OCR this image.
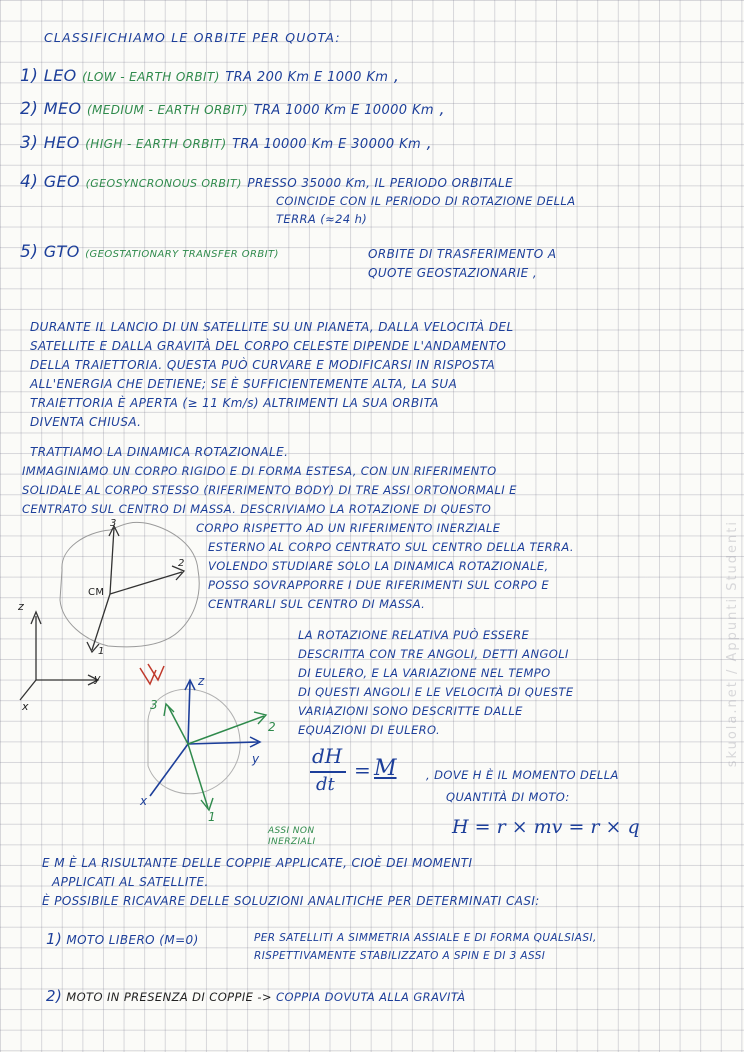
CLASSIFICHIAMO LE ORBITE PER QUOTA:
1) LEO (LOW - EARTH ORBIT) TRA 200 Km E 1000 Km ,
2) MEO (MEDIUM - EARTH ORBIT) TRA 1000 Km E 10000 Km ,
3) HEO (HIGH - EARTH ORBIT) TRA 10000 Km E 30000 Km ,
4) GEO (GEOSYNCRONOUS ORBIT) PRESSO 35000 Km, IL PERIODO ORBITALE
COINCIDE CON IL PERIODO DI ROTAZIONE DELLA
TERRA (≈24 h)
5) GTO (GEOSTATIONARY TRANSFER ORBIT)	ORBITE DI TRASFERIMENTO A
QUOTE GEOSTAZIONARIE ,
DURANTE IL LANCIO DI UN SATELLITE SU UN PIANETA, DALLA VELOCITÀ DEL
SATELLITE E DALLA GRAVITÀ DEL CORPO CELESTE DIPENDE L'ANDAMENTO
DELLA TRAIETTORIA. QUESTA PUÒ CURVARE E MODIFICARSI IN RISPOSTA
ALL'ENERGIA CHE DETIENE; SE È SUFFICIENTEMENTE ALTA, LA SUA
TRAIETTORIA È APERTA (≥ 11 Km/s) ALTRIMENTI LA SUA ORBITA
DIVENTA CHIUSA.
TRATTIAMO LA DINAMICA ROTAZIONALE.
IMMAGINIAMO UN CORPO RIGIDO E DI FORMA ESTESA, CON UN RIFERIMENTO
SOLIDALE AL CORPO STESSO (RIFERIMENTO BODY) DI TRE ASSI ORTONORMALI E
CENTRATO SUL CENTRO DI MASSA. DESCRIVIAMO LA ROTAZIONE DI QUESTO
CORPO RISPETTO AD UN RIFERIMENTO INERZIALE
ESTERNO AL CORPO CENTRATO SUL CENTRO DELLA TERRA.
VOLENDO STUDIARE SOLO LA DINAMICA ROTAZIONALE,
POSSO SOVRAPPORRE I DUE RIFERIMENTI SUL CORPO E
CENTRARLI SUL CENTRO DI MASSA.
LA ROTAZIONE RELATIVA PUÒ ESSERE
DESCRITTA CON TRE ANGOLI, DETTI ANGOLI
DI EULERO, E LA VARIAZIONE NEL TEMPO
DI QUESTI ANGOLI E LE VELOCITÀ DI QUESTE
VARIAZIONI SONO DESCRITTE DALLE
EQUAZIONI DI EULERO.
dH
dt
= M	, DOVE H È IL MOMENTO DELLA
QUANTITÀ DI MOTO:
H = r × mv = r × q
E M È LA RISULTANTE DELLE COPPIE APPLICATE, CIOÈ DEI MOMENTI
APPLICATI AL SATELLITE.
È POSSIBILE RICAVARE DELLE SOLUZIONI ANALITICHE PER DETERMINATI CASI:
1) MOTO LIBERO (M=0)	PER SATELLITI A SIMMETRIA ASSIALE E DI FORMA QUALSIASI,
RISPETTIVAMENTE STABILIZZATO A SPIN E DI 3 ASSI
2) MOTO IN PRESENZA DI COPPIE -> COPPIA DOVUTA ALLA GRAVITÀ
CM
3
2
1
z
y
x	3
2
1
z
y
x
ASSI NON INERZIALI
skuola.net / Appunti Studenti
